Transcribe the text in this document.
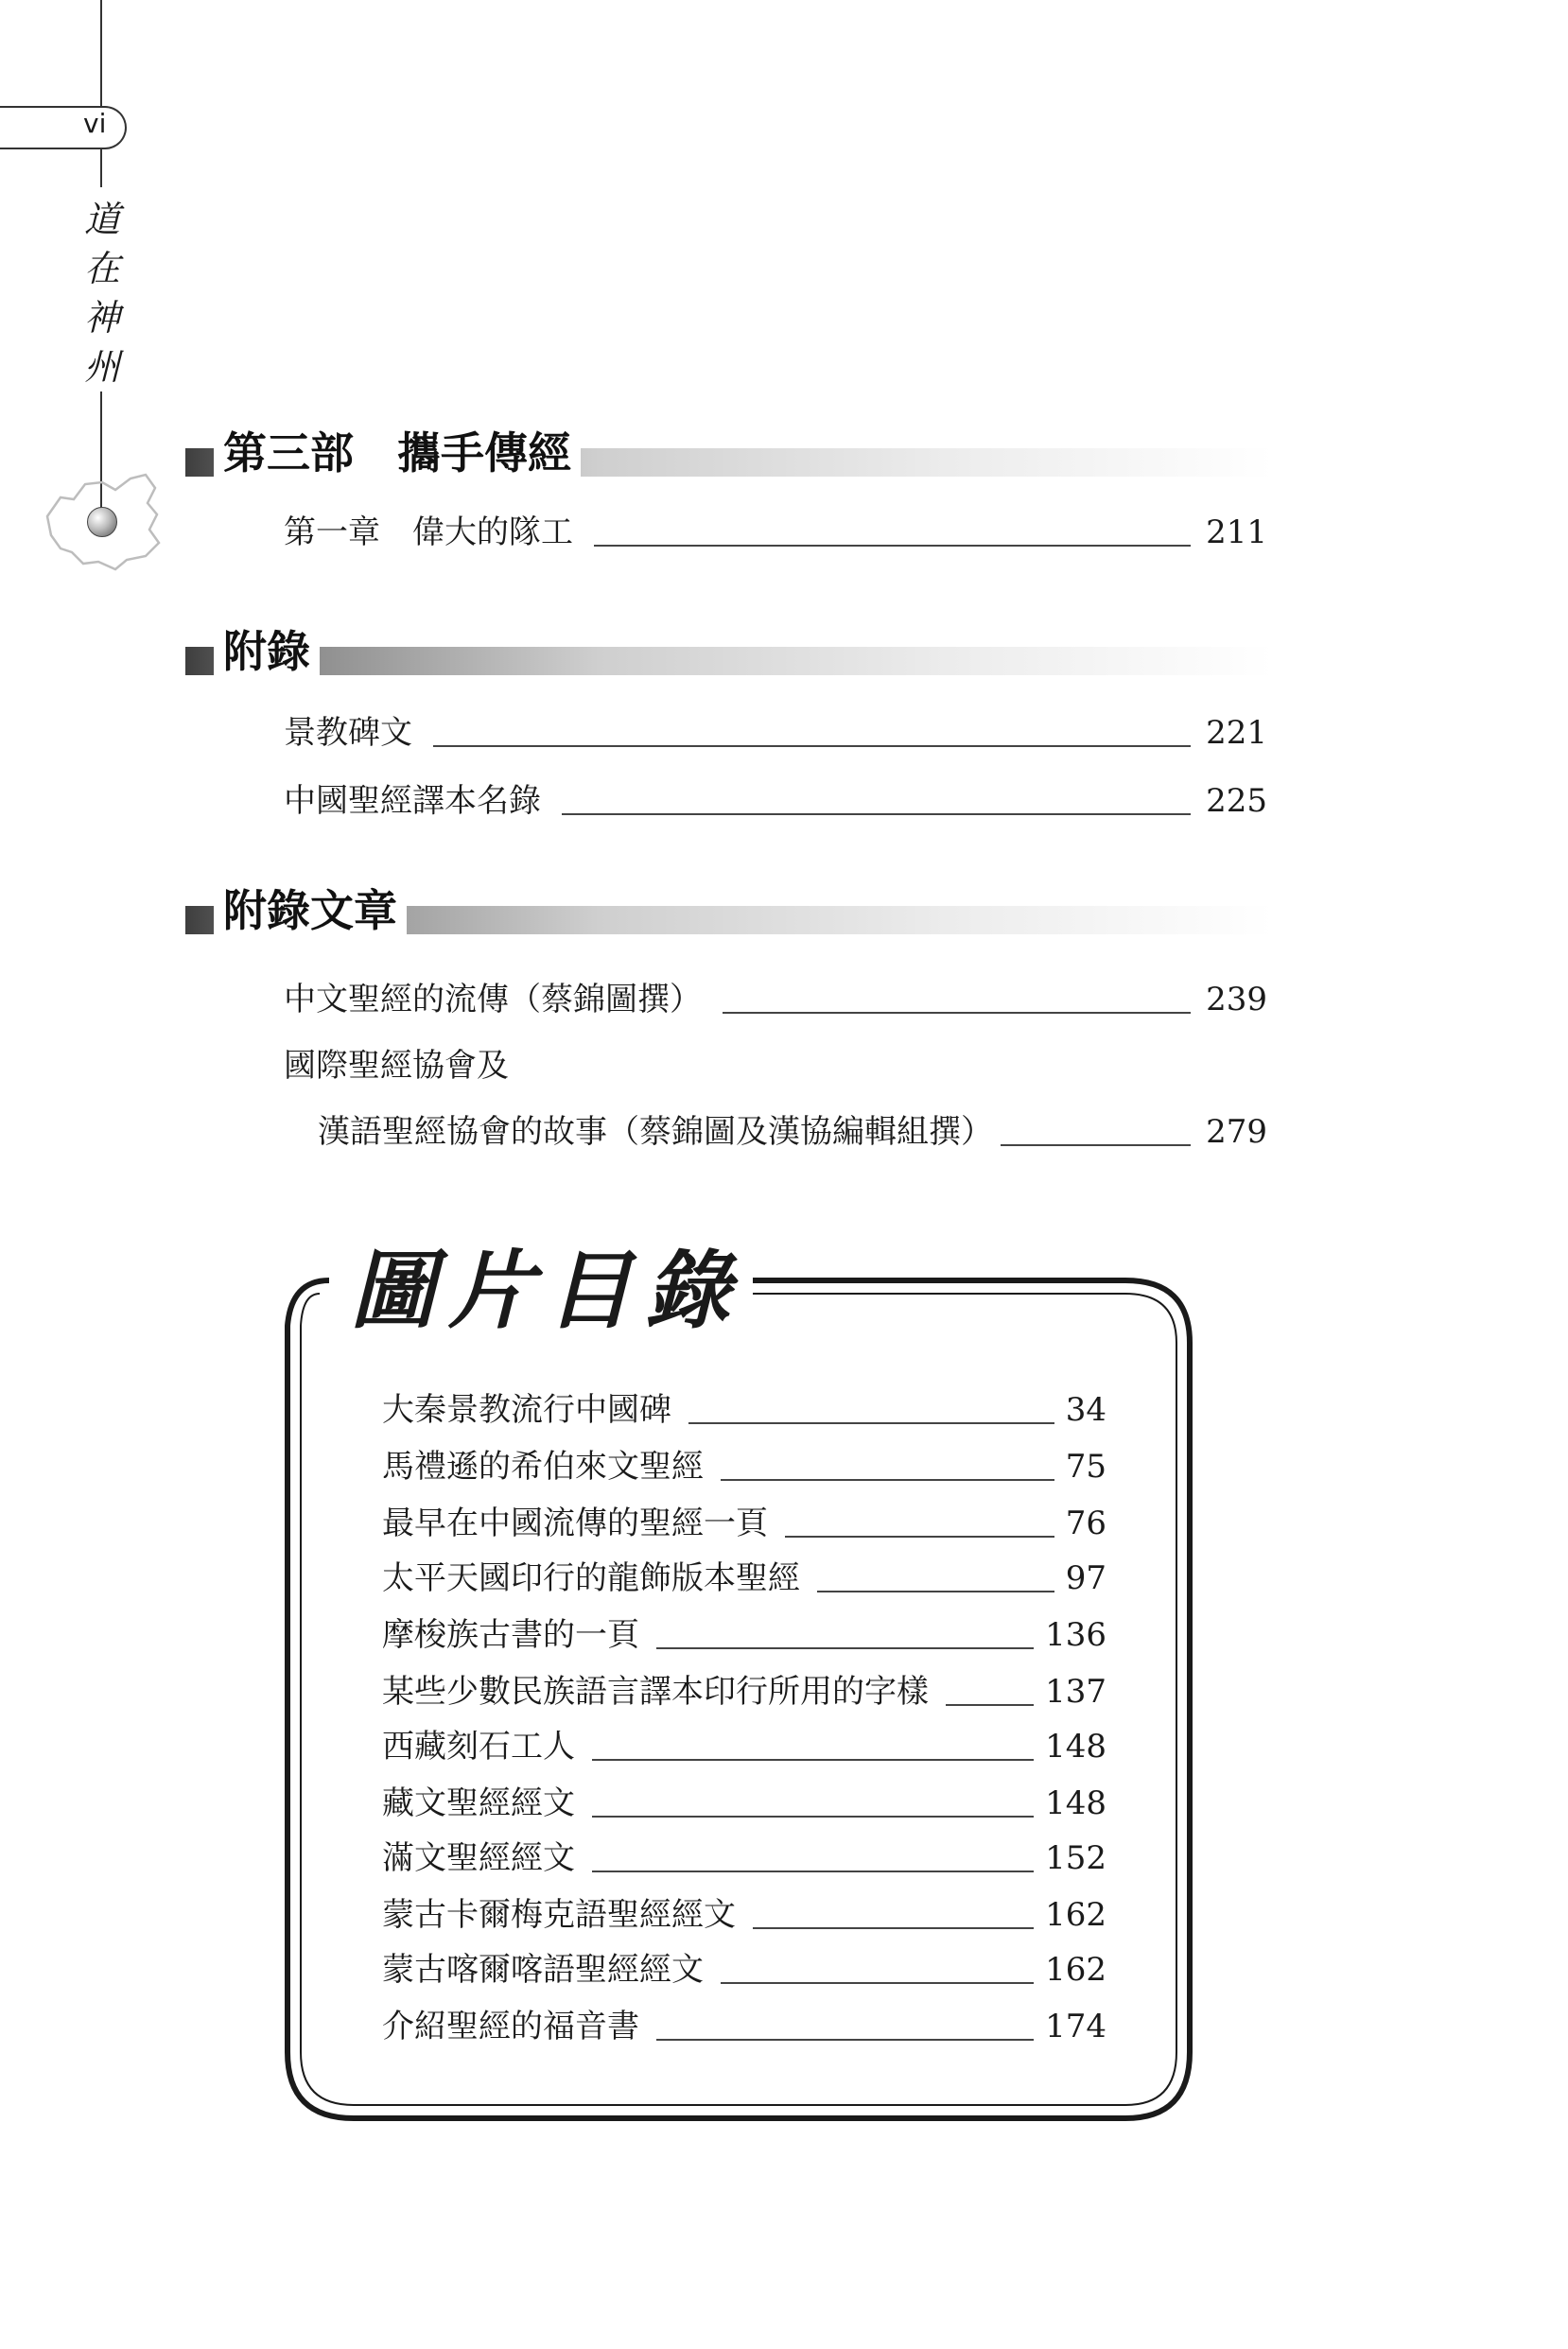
vi
道
在
神
州
第三部　攜手傳經
第一章　偉大的隊工	211
附錄
景教碑文	221
中國聖經譯本名錄	225
附錄文章
中文聖經的流傳（蔡錦圖撰）	239
國際聖經協會及
漢語聖經協會的故事（蔡錦圖及漢協編輯組撰）	279
圖片目錄
大秦景教流行中國碑	34
馬禮遜的希伯來文聖經	75
最早在中國流傳的聖經一頁	76
太平天國印行的龍飾版本聖經	97
摩梭族古書的一頁	136
某些少數民族語言譯本印行所用的字樣	137
西藏刻石工人	148
藏文聖經經文	148
滿文聖經經文	152
蒙古卡爾梅克語聖經經文	162
蒙古喀爾喀語聖經經文	162
介紹聖經的福音書	174
